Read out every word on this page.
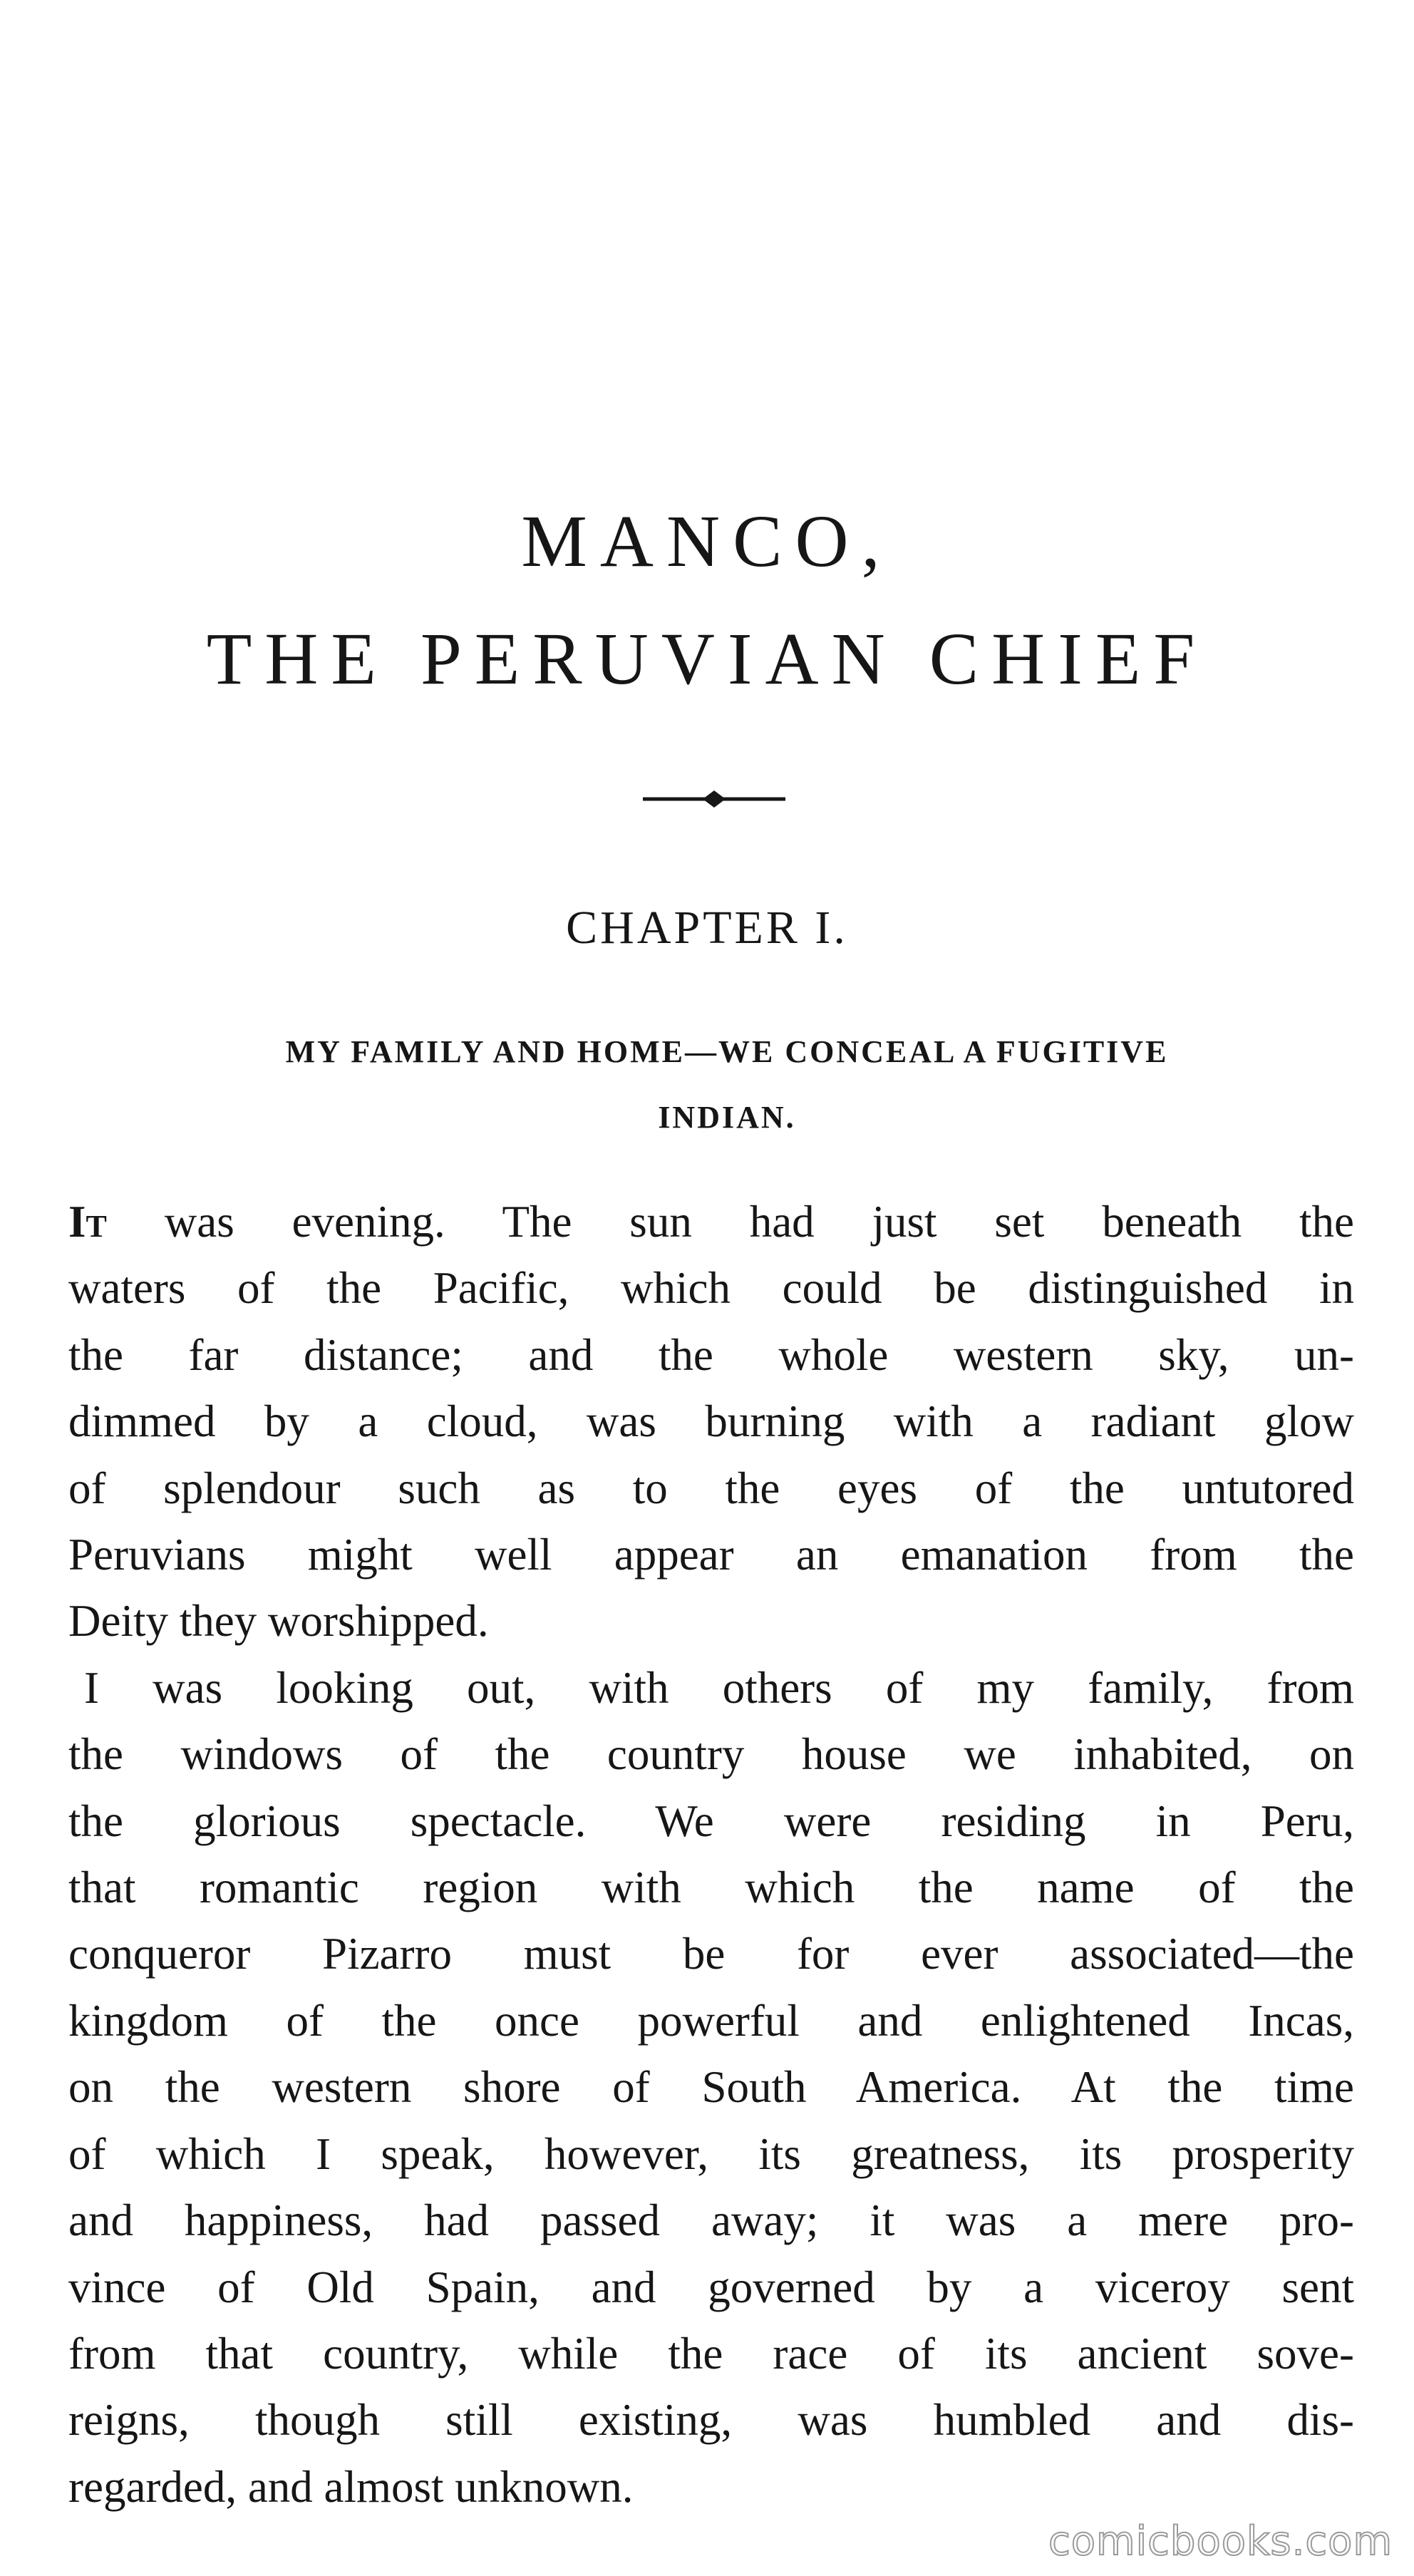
MANCO,
THE PERUVIAN CHIEF
CHAPTER I.
MY FAMILY AND HOME—WE CONCEAL A FUGITIVE
INDIAN.
It was evening. The sun had just set beneath the
waters of the Pacific, which could be distinguished in
the far distance; and the whole western sky, un-
dimmed by a cloud, was burning with a radiant glow
of splendour such as to the eyes of the untutored
Peruvians might well appear an emanation from the
Deity they worshipped.
I was looking out, with others of my family, from
the windows of the country house we inhabited, on
the glorious spectacle. We were residing in Peru,
that romantic region with which the name of the
conqueror Pizarro must be for ever associated—the
kingdom of the once powerful and enlightened Incas,
on the western shore of South America. At the time
of which I speak, however, its greatness, its prosperity
and happiness, had passed away; it was a mere pro-
vince of Old Spain, and governed by a viceroy sent
from that country, while the race of its ancient sove-
reigns, though still existing, was humbled and dis-
regarded, and almost unknown.
comicbooks.com
